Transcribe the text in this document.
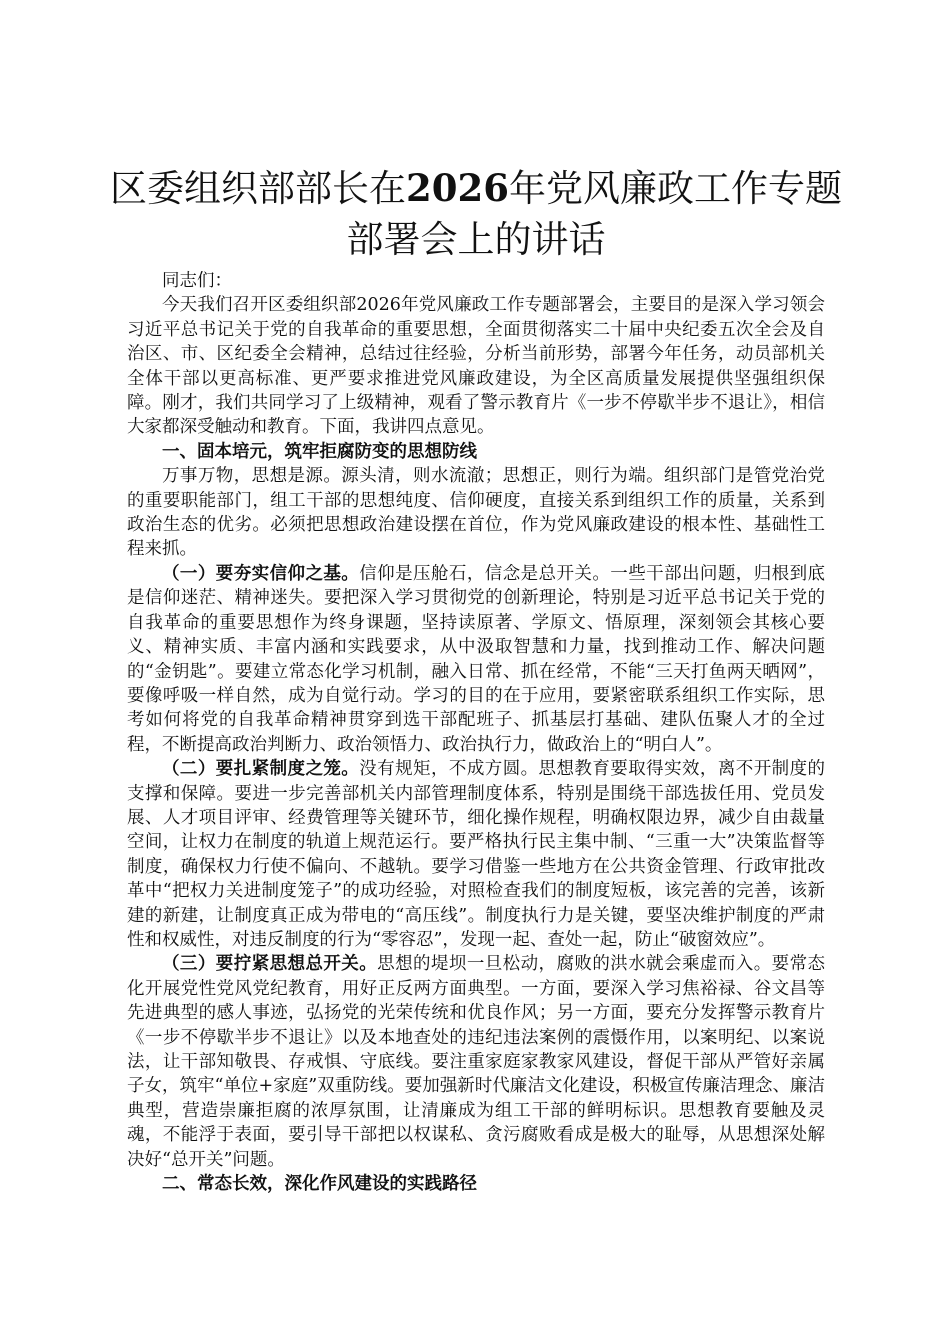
区委组织部部长在2026年党风廉政工作专题部署会上的讲话

同志们：

今天我们召开区委组织部2026年党风廉政工作专题部署会，主要目的是深入学习领会习近平总书记关于党的自我革命的重要思想，全面贯彻落实二十届中央纪委五次全会及自治区、市、区纪委全会精神，总结过往经验，分析当前形势，部署今年任务，动员部机关全体干部以更高标准、更严要求推进党风廉政建设，为全区高质量发展提供坚强组织保障。刚才，我们共同学习了上级精神，观看了警示教育片《一步不停歇半步不退让》，相信大家都深受触动和教育。下面，我讲四点意见。

一、固本培元，筑牢拒腐防变的思想防线

万事万物，思想是源。源头清，则水流澈；思想正，则行为端。组织部门是管党治党的重要职能部门，组工干部的思想纯度、信仰硬度，直接关系到组织工作的质量，关系到政治生态的优劣。必须把思想政治建设摆在首位，作为党风廉政建设的根本性、基础性工程来抓。

（一）要夯实信仰之基。信仰是压舱石，信念是总开关。一些干部出问题，归根到底是信仰迷茫、精神迷失。要把深入学习贯彻党的创新理论，特别是习近平总书记关于党的自我革命的重要思想作为终身课题，坚持读原著、学原文、悟原理，深刻领会其核心要义、精神实质、丰富内涵和实践要求，从中汲取智慧和力量，找到推动工作、解决问题的“金钥匙”。要建立常态化学习机制，融入日常、抓在经常，不能“三天打鱼两天晒网”，要像呼吸一样自然，成为自觉行动。学习的目的在于应用，要紧密联系组织工作实际，思考如何将党的自我革命精神贯穿到选干部配班子、抓基层打基础、建队伍聚人才的全过程，不断提高政治判断力、政治领悟力、政治执行力，做政治上的“明白人”。

（二）要扎紧制度之笼。没有规矩，不成方圆。思想教育要取得实效，离不开制度的支撑和保障。要进一步完善部机关内部管理制度体系，特别是围绕干部选拔任用、党员发展、人才项目评审、经费管理等关键环节，细化操作规程，明确权限边界，减少自由裁量空间，让权力在制度的轨道上规范运行。要严格执行民主集中制、“三重一大”决策监督等制度，确保权力行使不偏向、不越轨。要学习借鉴一些地方在公共资金管理、行政审批改革中“把权力关进制度笼子”的成功经验，对照检查我们的制度短板，该完善的完善，该新建的新建，让制度真正成为带电的“高压线”。制度执行力是关键，要坚决维护制度的严肃性和权威性，对违反制度的行为“零容忍”，发现一起、查处一起，防止“破窗效应”。

（三）要拧紧思想总开关。思想的堤坝一旦松动，腐败的洪水就会乘虚而入。要常态化开展党性党风党纪教育，用好正反两方面典型。一方面，要深入学习焦裕禄、谷文昌等先进典型的感人事迹，弘扬党的光荣传统和优良作风；另一方面，要充分发挥警示教育片《一步不停歇半步不退让》以及本地查处的违纪违法案例的震慑作用，以案明纪、以案说法，让干部知敬畏、存戒惧、守底线。要注重家庭家教家风建设，督促干部从严管好亲属子女，筑牢“单位+家庭”双重防线。要加强新时代廉洁文化建设，积极宣传廉洁理念、廉洁典型，营造崇廉拒腐的浓厚氛围，让清廉成为组工干部的鲜明标识。思想教育要触及灵魂，不能浮于表面，要引导干部把以权谋私、贪污腐败看成是极大的耻辱，从思想深处解决好“总开关”问题。

二、常态长效，深化作风建设的实践路径
